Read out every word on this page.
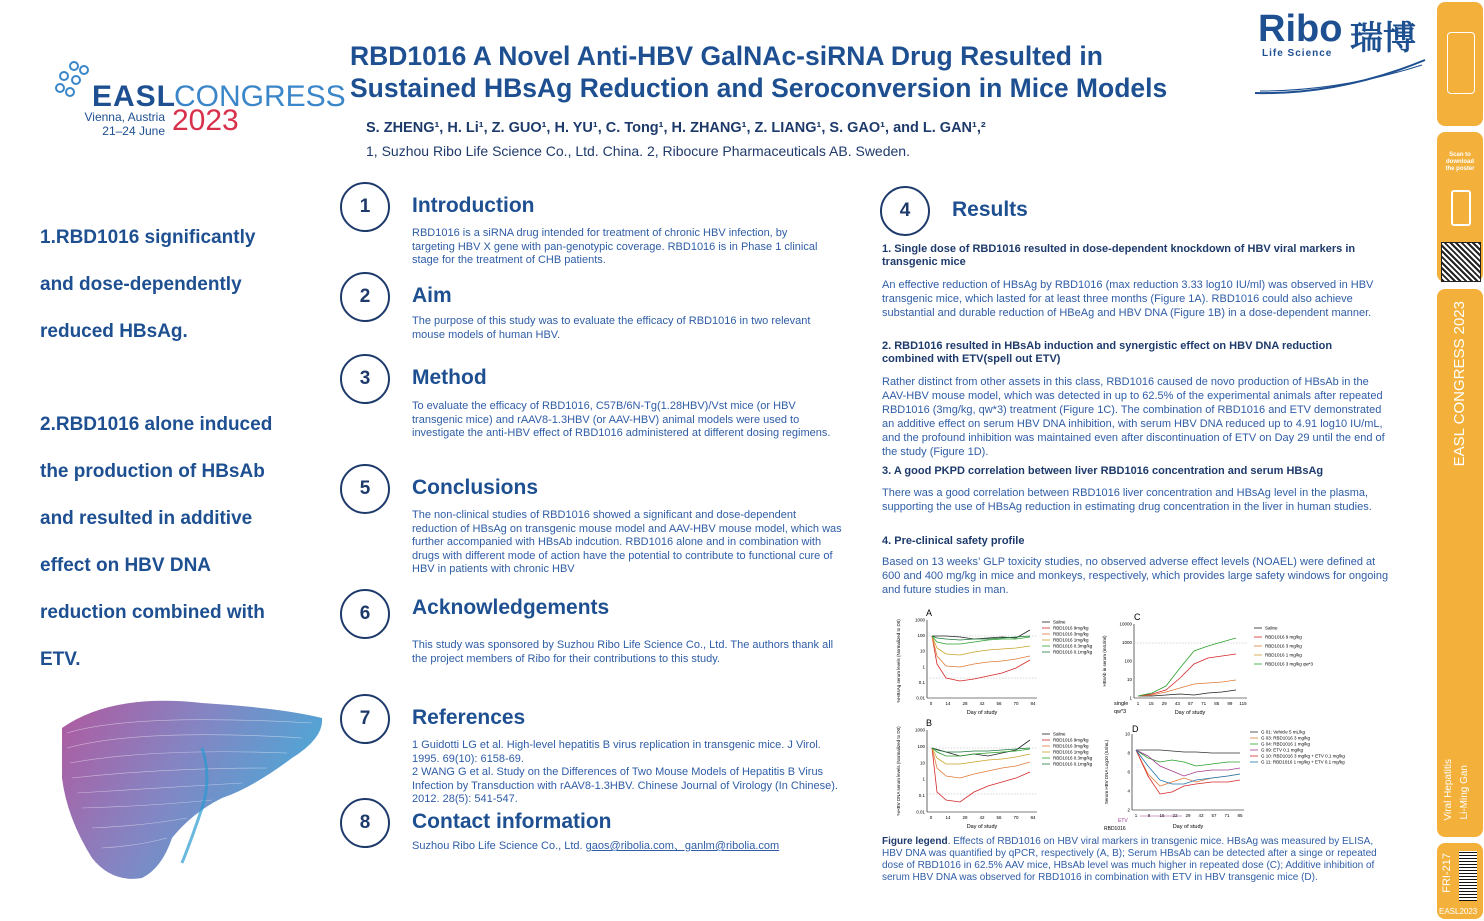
EASL
CONGRESS
Vienna, Austria
21–24 June 2023
RBD1016 A Novel Anti-HBV GalNAc-siRNA Drug Resulted in
Sustained HBsAg Reduction and Seroconversion in Mice Models
S. ZHENG¹, H. Li¹, Z. GUO¹, H. YU¹, C. Tong¹, H. ZHANG¹, Z. LIANG¹, S. GAO¹, and L. GAN¹,²
1, Suzhou Ribo Life Science Co., Ltd. China. 2, Ribocure Pharmaceuticals AB. Sweden.
Ribo 瑞博
Life Science
1.RBD1016 significantly
and dose-dependently
reduced HBsAg.
2.RBD1016 alone induced
the production of HBsAb
and resulted in additive
effect on HBV DNA
reduction combined with
ETV.
1	Introduction
RBD1016 is a siRNA drug intended for treatment of chronic HBV infection, by targeting HBV X gene with pan-genotypic coverage. RBD1016 is in Phase 1 clinical stage for the treatment of CHB patients.
2	Aim
The purpose of this study was to evaluate the efficacy of RBD1016 in two relevant mouse models of human HBV.
3	Method
To evaluate the efficacy of RBD1016, C57B/6N-Tg(1.28HBV)/Vst mice (or HBV transgenic mice) and rAAV8-1.3HBV (or AAV-HBV) animal models were used to investigate the anti-HBV effect of RBD1016 administered at different dosing regimens.
5	Conclusions
The non-clinical studies of RBD1016 showed a significant and dose-dependent reduction of HBsAg on transgenic mouse model and AAV-HBV mouse model, which was further accompanied with HBsAb indcution. RBD1016 alone and in combination with drugs with different mode of action have the potential to contribute to functional cure of HBV in patients with chronic HBV
6	Acknowledgements
This study was sponsored by Suzhou Ribo Life Science Co., Ltd. The authors thank all the project members of Ribo for their contributions to this study.
7	References
1 Guidotti LG et al. High-level hepatitis B virus replication in transgenic mice. J Virol. 1995. 69(10): 6158-69.
2 WANG G et al. Study on the Differences of Two Mouse Models of Hepatitis B Virus Infection by Transduction with rAAV8-1.3HBV. Chinese Journal of Virology (In Chinese). 2012. 28(5): 541-547.
8	Contact information
Suzhou Ribo Life Science Co., Ltd. gaos@ribolia.com、ganlm@ribolia.com
4	Results
1. Single dose of RBD1016 resulted in dose-dependent knockdown of HBV viral markers in transgenic mice
An effective reduction of HBsAg by RBD1016 (max reduction 3.33 log10 IU/ml) was observed in HBV transgenic mice, which lasted for at least three months (Figure 1A). RBD1016 could also achieve substantial and durable reduction of HBeAg and HBV DNA (Figure 1B) in a dose-dependent manner.
2. RBD1016 resulted in HBsAb induction and synergistic effect on HBV DNA reduction combined with ETV(spell out ETV)
Rather distinct from other assets in this class, RBD1016 caused de novo production of HBsAb in the AAV-HBV mouse model, which was detected in up to 62.5% of the experimental animals after repeated RBD1016 (3mg/kg, qw*3) treatment (Figure 1C). The combination of RBD1016 and ETV demonstrated an additive effect on serum HBV DNA inhibition, with serum HBV DNA reduced up to 4.91 log10 IU/mL, and the profound inhibition was maintained even after discontinuation of ETV on Day 29 until the end of the study (Figure 1D).
3. A good PKPD correlation between liver RBD1016 concentration and serum HBsAg
There was a good correlation between RBD1016 liver concentration and HBsAg level in the plasma, supporting the use of HBsAg reduction in estimating drug concentration in the liver in human studies.
4. Pre-clinical safety profile
Based on 13 weeks’ GLP toxicity studies, no observed adverse effect levels (NOAEL) were defined at 600 and 400 mg/kg in mice and monkeys, respectively, which provides large safety windows for ongoing and future studies in man.
A
1000
100
10
1
0.1
0.01
0	14	28	42	56	70	84
Day of study
%HBsAg serum levels (Normalized to D0)	Saline
RBD1016 9mg/kg
RBD1016 3mg/kg
RBD1016 1mg/kg
RBD1016 0.3mg/kg
RBD1016 0.1mg/kg
C
10000
1000
100
10
1
1 15 29 43 57 71 85 99 115
Day of study
HBsAb in serum (mIU/ml)
single
qw*3
Saline
RBD1016 9 mg/kg
RBD1016 3 mg/kg
RBD1016 1 mg/kg
RBD1016 3 mg/kg qw*3
B
1000
100
10
1
0.1
0.01
0	14	28	42	56	70	84
Day of study
%HBV DNA serum levels (Normalized to D0)	Saline
RBD1016 9mg/kg
RBD1016 3mg/kg
RBD1016 1mg/kg
RBD1016 0.3mg/kg
RBD1016 0.1mg/kg
D
10
8
6
4
2
1 8 15 22 29 43 57 71 85
Day of study
Serum HBV DNA Log10 (IU/mL)
ETV
RBD1016
G 01: Vehicle 5 mL/kg
G 03: RBD1016 3 mg/kg
G 04: RBD1016 1 mg/kg
G 09: ETV 0.1 mg/kg
G 10: RBD1016 3 mg/kg + ETV 0.1 mg/kg
G 11: RBD1016 1 mg/kg + ETV 0.1 mg/kg
Figure legend. Effects of RBD1016 on HBV viral markers in transgenic mice. HBsAg was measured by ELISA, HBV DNA was quantified by qPCR, respectively (A, B); Serum HBsAb can be detected after a singe or repeated dose of RBD1016 in 62.5% AAV mice, HBsAb level was much higher in repeated dose (C); Additive inhibition of serum HBV DNA was observed for RBD1016 in combination with ETV in HBV transgenic mice (D).
Scan to download the poster
EASL CONGRESS 2023
Viral Hepatitis Li-Ming Gan
FRI-217
EASL2023
